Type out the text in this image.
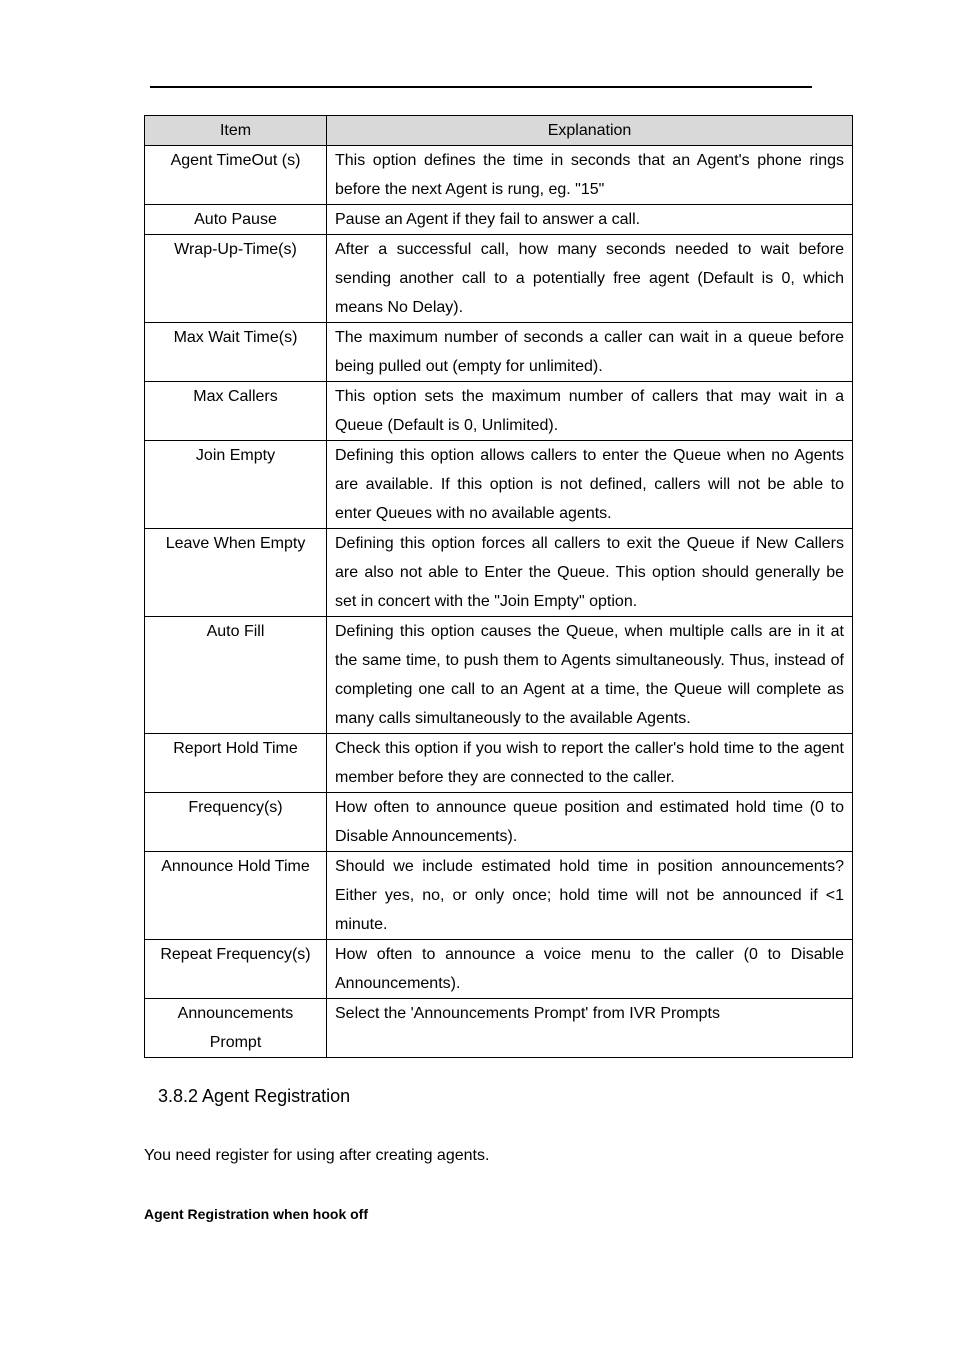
Item	Explanation
Agent TimeOut (s)	This option defines the time in seconds that an Agent's phone rings before the next Agent is rung, eg. "15"
Auto Pause	Pause an Agent if they fail to answer a call.
Wrap-Up-Time(s)	After a successful call, how many seconds needed to wait before sending another call to a potentially free agent (Default is 0, which means No Delay).
Max Wait Time(s)	The maximum number of seconds a caller can wait in a queue before being pulled out (empty for unlimited).
Max Callers	This option sets the maximum number of callers that may wait in a Queue (Default is 0, Unlimited).
Join Empty	Defining this option allows callers to enter the Queue when no Agents are available. If this option is not defined, callers will not be able to enter Queues with no available agents.
Leave When Empty	Defining this option forces all callers to exit the Queue if New Callers are also not able to Enter the Queue. This option should generally be set in concert with the "Join Empty" option.
Auto Fill	Defining this option causes the Queue, when multiple calls are in it at the same time, to push them to Agents simultaneously. Thus, instead of completing one call to an Agent at a time, the Queue will complete as many calls simultaneously to the available Agents.
Report Hold Time	Check this option if you wish to report the caller's hold time to the agent member before they are connected to the caller.
Frequency(s)	How often to announce queue position and estimated hold time (0 to Disable Announcements).
Announce Hold Time	Should we include estimated hold time in position announcements? Either yes, no, or only once; hold time will not be announced if <1 minute.
Repeat Frequency(s)	How often to announce a voice menu to the caller (0 to Disable Announcements).
Announcements Prompt	Select the 'Announcements Prompt' from IVR Prompts
3.8.2 Agent Registration
You need register for using after creating agents.
Agent Registration when hook off
